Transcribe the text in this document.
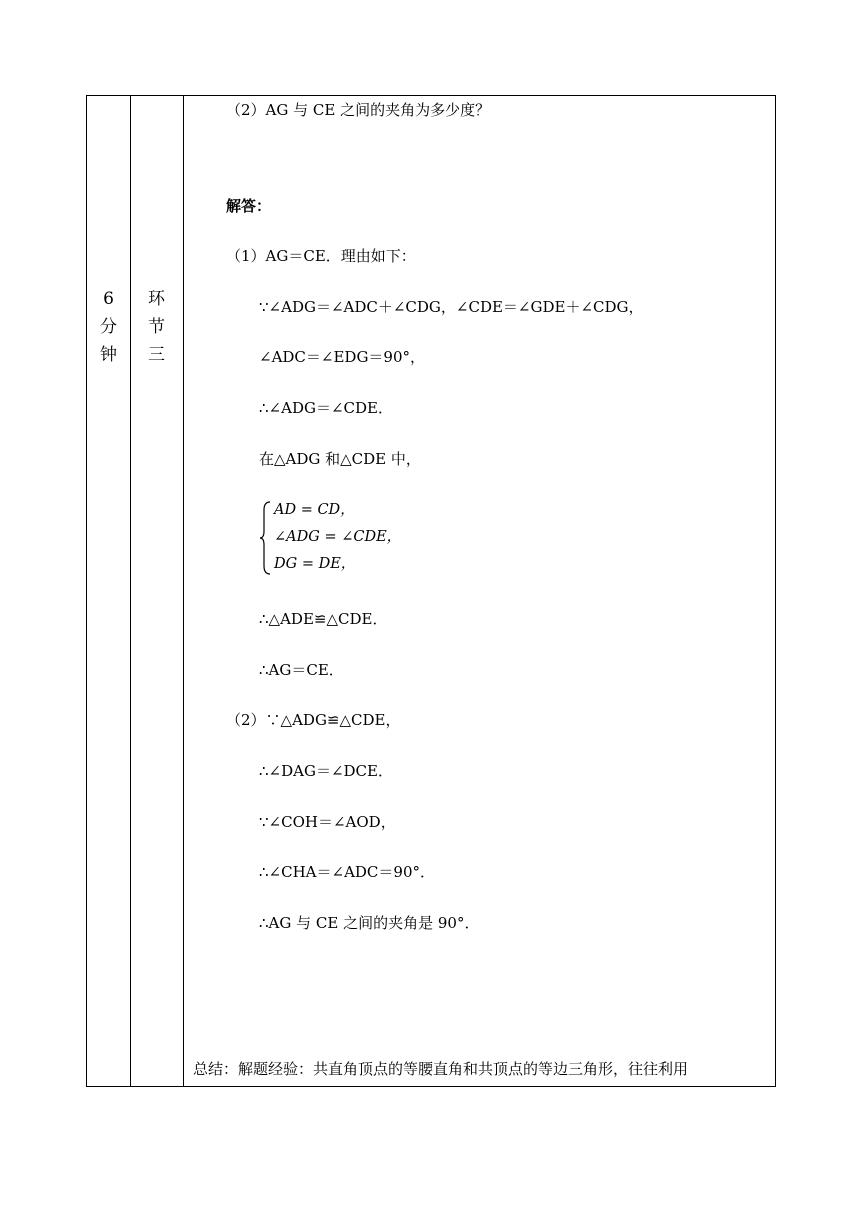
6
分
钟
环
节
三
（2）AG 与 CE 之间的夹角为多少度？
解答：
（1）AG＝CE．理由如下：
∵∠ADG＝∠ADC＋∠CDG，∠CDE＝∠GDE＋∠CDG，
∠ADC＝∠EDG＝90°，
∴∠ADG＝∠CDE．
在△ADG 和△CDE 中，
AD = CD，
∠ADG = ∠CDE，
DG = DE，
∴△ADE≌△CDE．
∴AG＝CE．
（2）∵△ADG≌△CDE，
∴∠DAG＝∠DCE．
∵∠COH＝∠AOD，
∴∠CHA＝∠ADC＝90°．
∴AG 与 CE 之间的夹角是 90°．
总结：解题经验：共直角顶点的等腰直角和共顶点的等边三角形，往往利用
